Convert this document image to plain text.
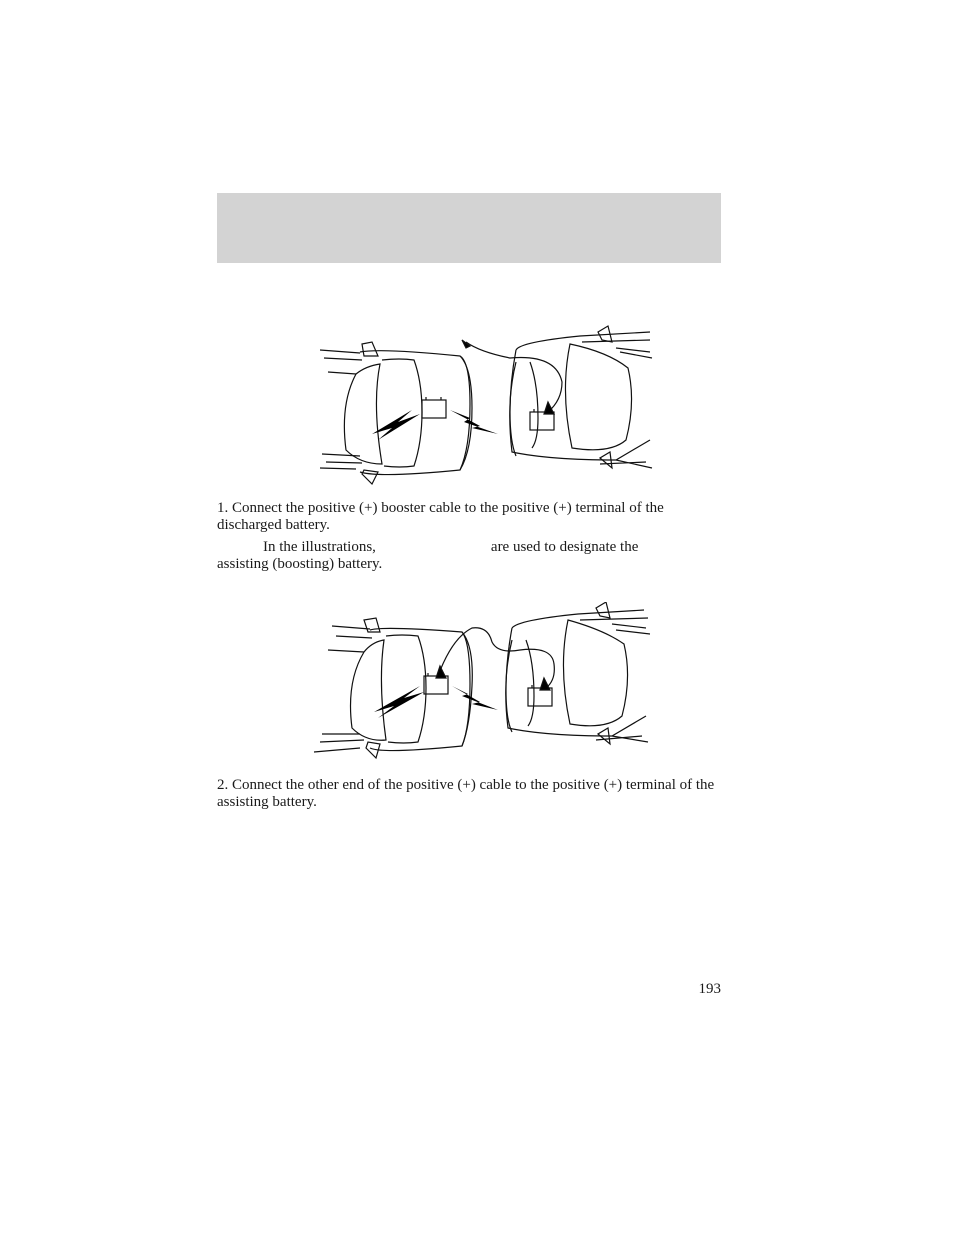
1. Connect the positive (+) booster cable to the positive (+) terminal of the discharged battery.

In the illustrations,	are used to designate the
assisting (boosting) battery.

2. Connect the other end of the positive (+) cable to the positive (+) terminal of the assisting battery.

193
